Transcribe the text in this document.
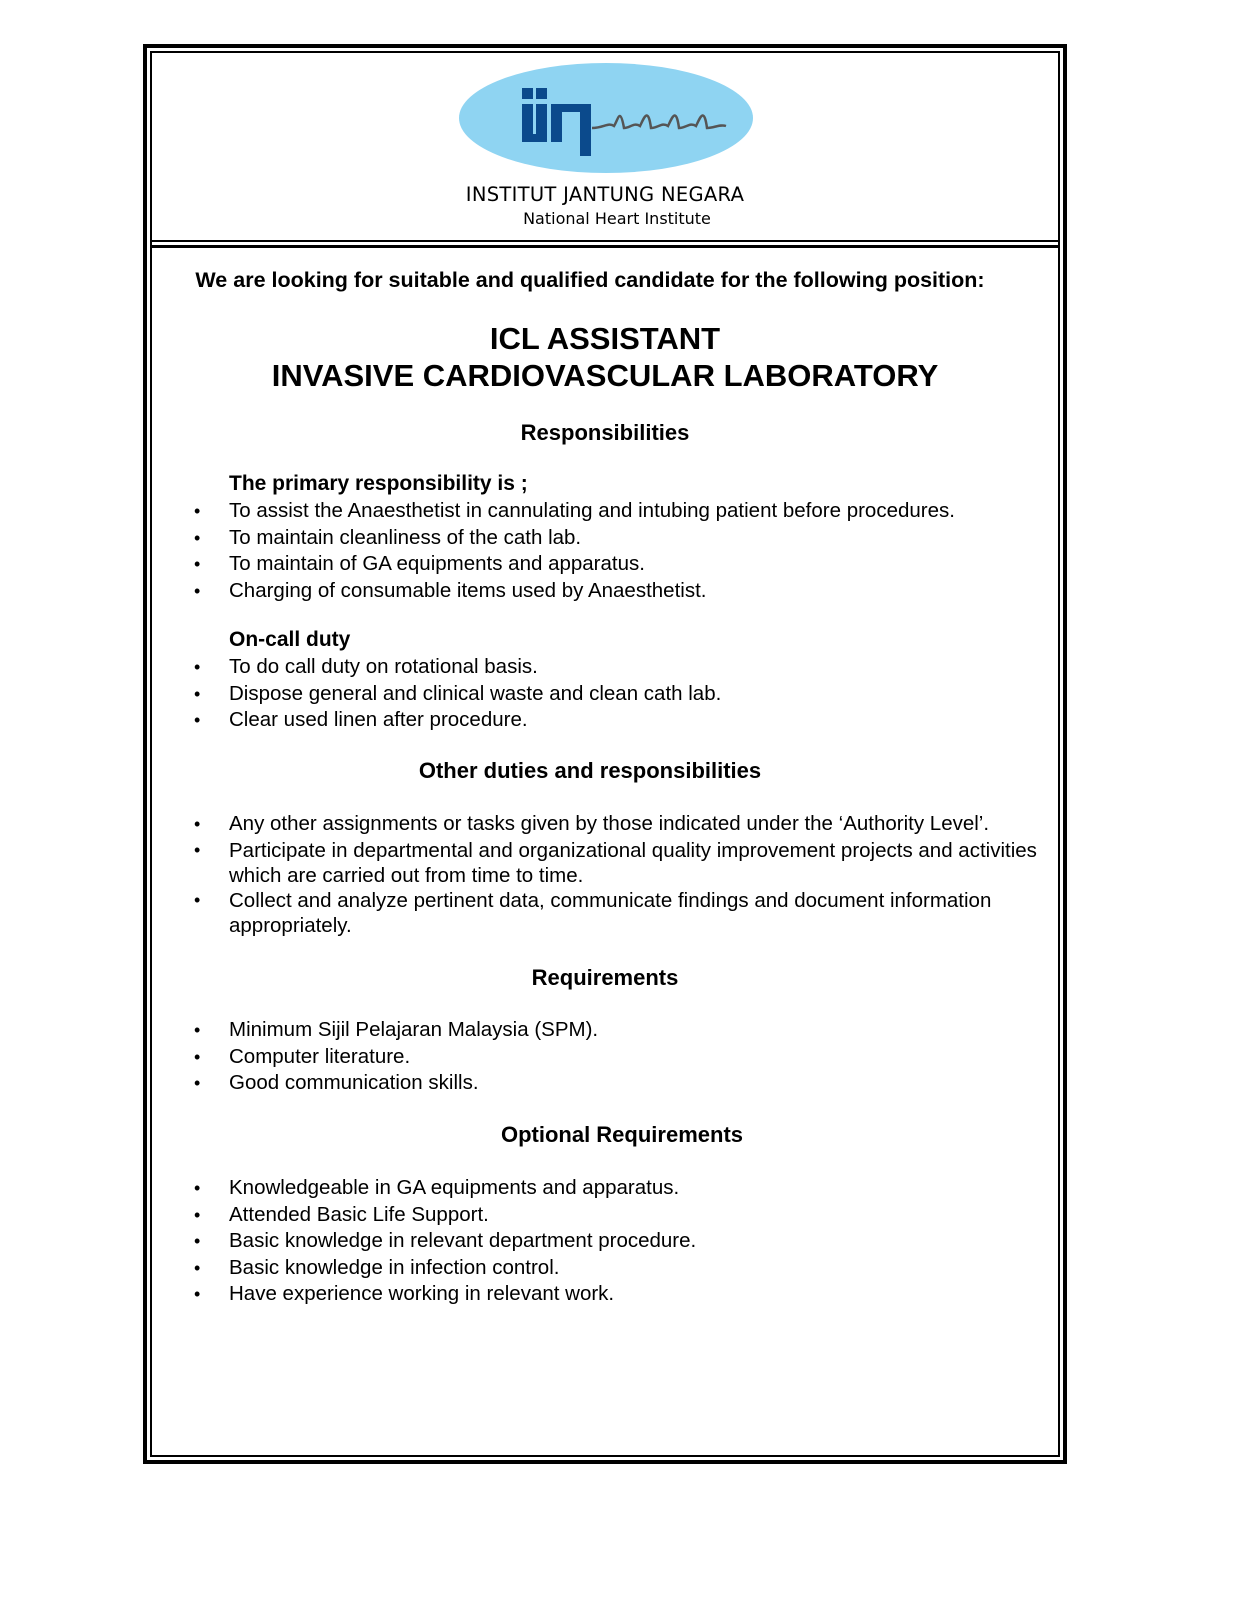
INSTITUT JANTUNG NEGARA
National Heart Institute
We are looking for suitable and qualified candidate for the following position:
ICL ASSISTANT
INVASIVE CARDIOVASCULAR LABORATORY
Responsibilities
The primary responsibility is ;
• To assist the Anaesthetist in cannulating and intubing patient before procedures.
• To maintain cleanliness of the cath lab.
• To maintain of GA equipments and apparatus.
• Charging of consumable items used by Anaesthetist.
On-call duty
• To do call duty on rotational basis.
• Dispose general and clinical waste and clean cath lab.
• Clear used linen after procedure.
Other duties and responsibilities
• Any other assignments or tasks given by those indicated under the ‘Authority Level’.
• Participate in departmental and organizational quality improvement projects and activities which are carried out from time to time.
• Collect and analyze pertinent data, communicate findings and document information appropriately.
Requirements
• Minimum Sijil Pelajaran Malaysia (SPM).
• Computer literature.
• Good communication skills.
Optional Requirements
• Knowledgeable in GA equipments and apparatus.
• Attended Basic Life Support.
• Basic knowledge in relevant department procedure.
• Basic knowledge in infection control.
• Have experience working in relevant work.
